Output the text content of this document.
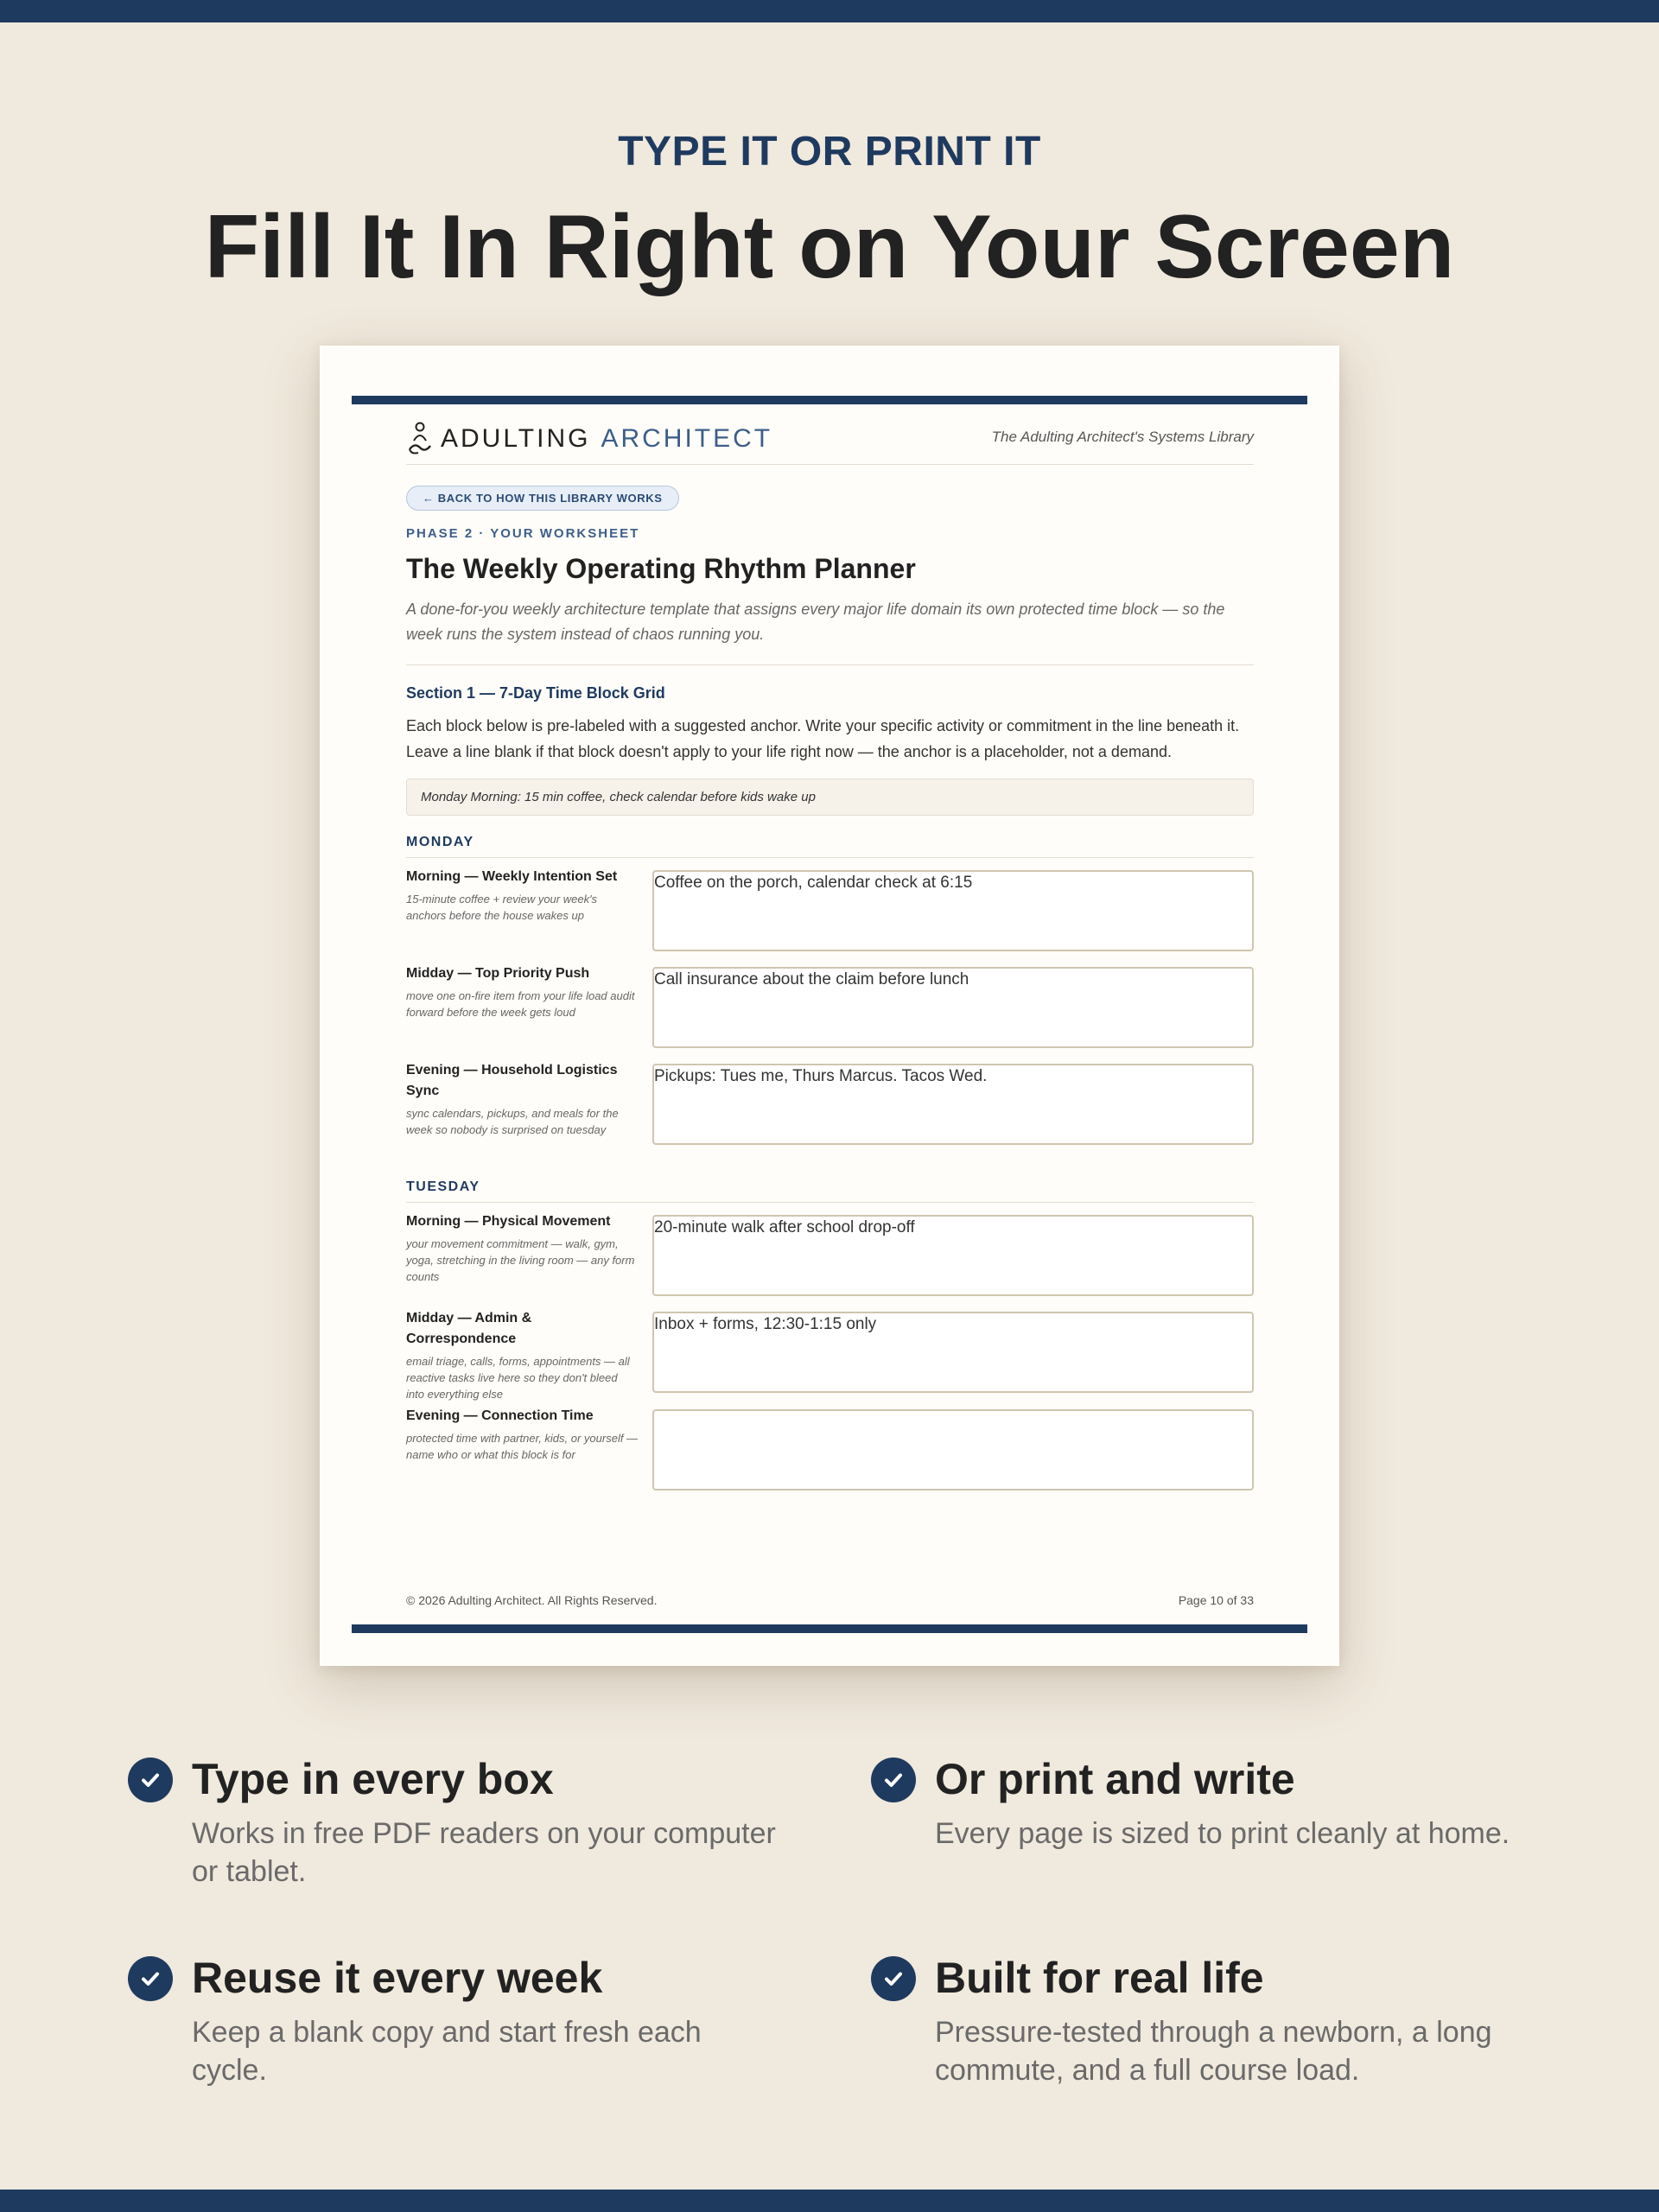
TYPE IT OR PRINT IT
Fill It In Right on Your Screen
ADULTING ARCHITECT	The Adulting Architect's Systems Library
← BACK TO HOW THIS LIBRARY WORKS
PHASE 2 · YOUR WORKSHEET
The Weekly Operating Rhythm Planner
A done-for-you weekly architecture template that assigns every major life domain its own protected time block — so the week runs the system instead of chaos running you.
Section 1 — 7-Day Time Block Grid
Each block below is pre-labeled with a suggested anchor. Write your specific activity or commitment in the line beneath it. Leave a line blank if that block doesn't apply to your life right now — the anchor is a placeholder, not a demand.
Monday Morning: 15 min coffee, check calendar before kids wake up
MONDAY
Morning — Weekly Intention Set
15-minute coffee + review your week's anchors before the house wakes up
Coffee on the porch, calendar check at 6:15
Midday — Top Priority Push
move one on-fire item from your life load audit forward before the week gets loud
Call insurance about the claim before lunch
Evening — Household Logistics Sync
sync calendars, pickups, and meals for the week so nobody is surprised on tuesday
Pickups: Tues me, Thurs Marcus. Tacos Wed.
TUESDAY
Morning — Physical Movement
your movement commitment — walk, gym, yoga, stretching in the living room — any form counts
20-minute walk after school drop-off
Midday — Admin & Correspondence
email triage, calls, forms, appointments — all reactive tasks live here so they don't bleed into everything else
Inbox + forms, 12:30-1:15 only
Evening — Connection Time
protected time with partner, kids, or yourself — name who or what this block is for
© 2026 Adulting Architect. All Rights Reserved.	Page 10 of 33
Type in every box
Works in free PDF readers on your computer or tablet.
Or print and write
Every page is sized to print cleanly at home.
Reuse it every week
Keep a blank copy and start fresh each cycle.
Built for real life
Pressure-tested through a newborn, a long commute, and a full course load.
